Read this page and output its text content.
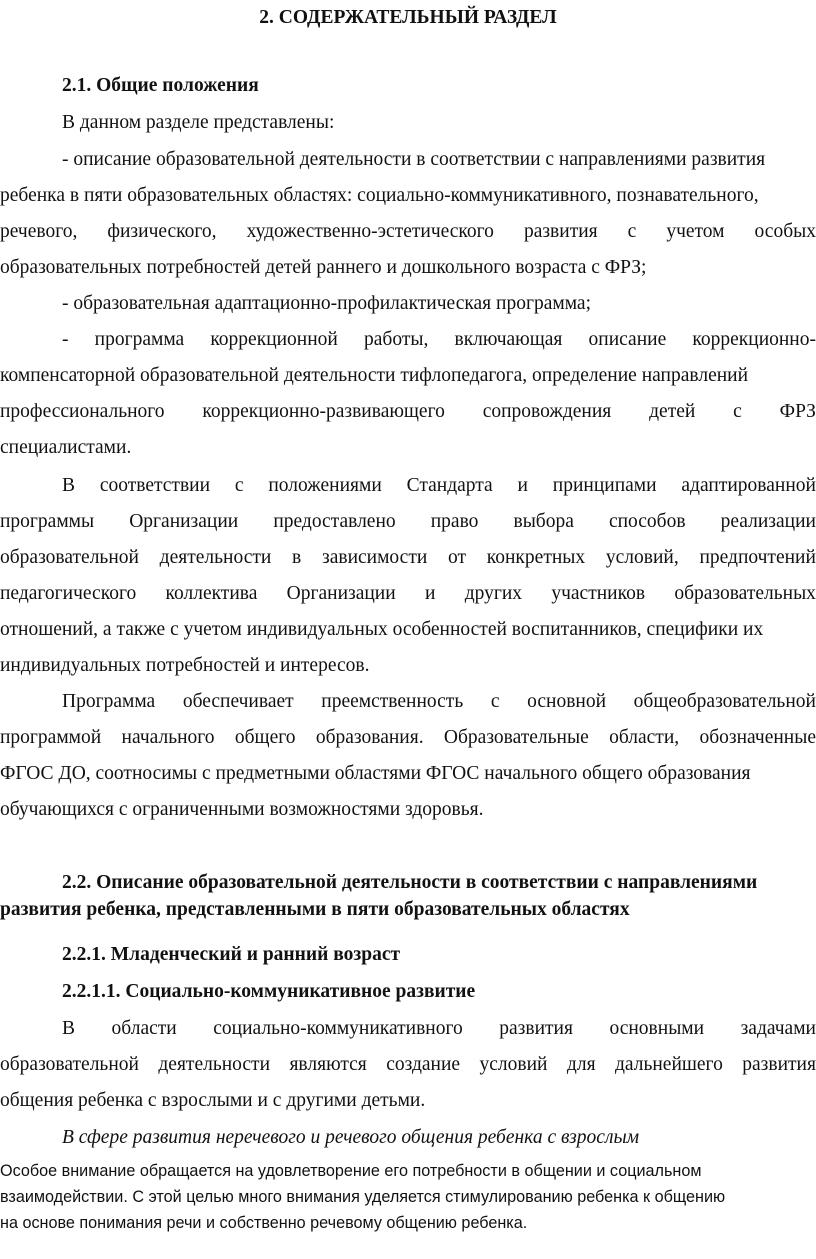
2. СОДЕРЖАТЕЛЬНЫЙ РАЗДЕЛ
2.1. Общие положения
В данном разделе представлены:
- описание образовательной деятельности в соответствии с направлениями развития
ребенка в пяти образовательных областях: социально-коммуникативного, познавательного,
речевого, физического, художественно-эстетического развития с учетом особых
образовательных потребностей детей раннего и дошкольного возраста с ФРЗ;
- образовательная адаптационно-профилактическая программа;
- программа коррекционной работы, включающая описание коррекционно-
компенсаторной образовательной деятельности тифлопедагога, определение направлений
профессионального коррекционно-развивающего сопровождения детей с ФРЗ
специалистами.
В соответствии с положениями Стандарта и принципами адаптированной
программы Организации предоставлено право выбора способов реализации
образовательной деятельности в зависимости от конкретных условий, предпочтений
педагогического коллектива Организации и других участников образовательных
отношений, а также с учетом индивидуальных особенностей воспитанников, специфики их
индивидуальных потребностей и интересов.
Программа обеспечивает преемственность с основной общеобразовательной
программой начального общего образования. Образовательные области, обозначенные
ФГОС ДО, соотносимы с предметными областями ФГОС начального общего образования
обучающихся с ограниченными возможностями здоровья.
2.2. Описание образовательной деятельности в соответствии с направлениями
развития ребенка, представленными в пяти образовательных областях
2.2.1. Младенческий и ранний возраст
2.2.1.1. Социально-коммуникативное развитие
В области социально-коммуникативного развития основными задачами
образовательной деятельности являются создание условий для дальнейшего развития
общения ребенка с взрослыми и с другими детьми.
В сфере развития неречевого и речевого общения ребенка с взрослым
Особое внимание обращается на удовлетворение его потребности в общении и социальном
взаимодействии. С этой целью много внимания уделяется стимулированию ребенка к общению
на основе понимания речи и собственно речевому общению ребенка.
